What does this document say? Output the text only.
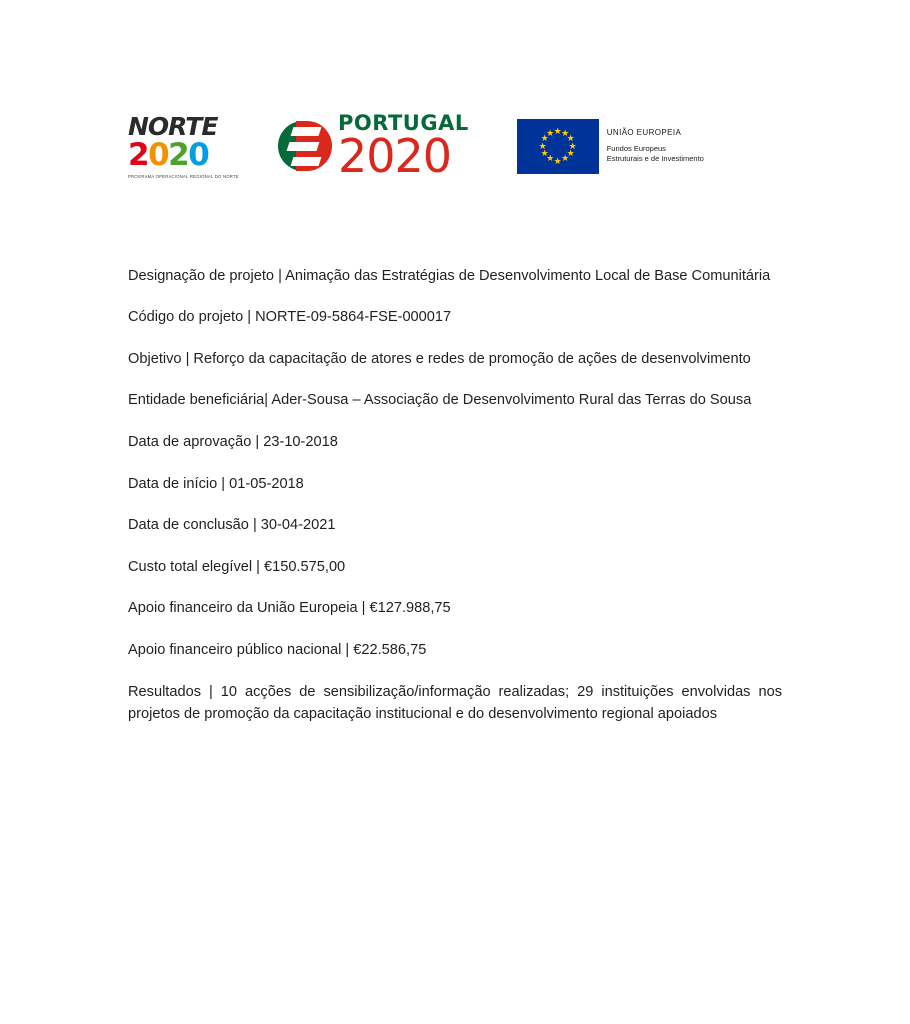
NORTE
2 0 2 0
PROGRAMA OPERACIONAL REGIONAL DO NORTE
PORTUGAL
2020	★ ★
★
★
★
★
★
★
★
★
★
★	UNIÃO EUROPEIA
Fundos Europeus
Estruturais e de Investimento

Designação de projeto | Animação das Estratégias de Desenvolvimento Local de Base Comunitária

Código do projeto | NORTE-09-5864-FSE-000017

Objetivo | Reforço da capacitação de atores e redes de promoção de ações de desenvolvimento

Entidade beneficiária| Ader-Sousa – Associação de Desenvolvimento Rural das Terras do Sousa

Data de aprovação | 23-10-2018

Data de início | 01-05-2018

Data de conclusão | 30-04-2021

Custo total elegível | €150.575,00

Apoio financeiro da União Europeia | €127.988,75

Apoio financeiro público nacional | €22.586,75

Resultados | 10 acções de sensibilização/informação realizadas; 29 instituições envolvidas nos projetos de promoção da capacitação institucional e do desenvolvimento regional apoiados
